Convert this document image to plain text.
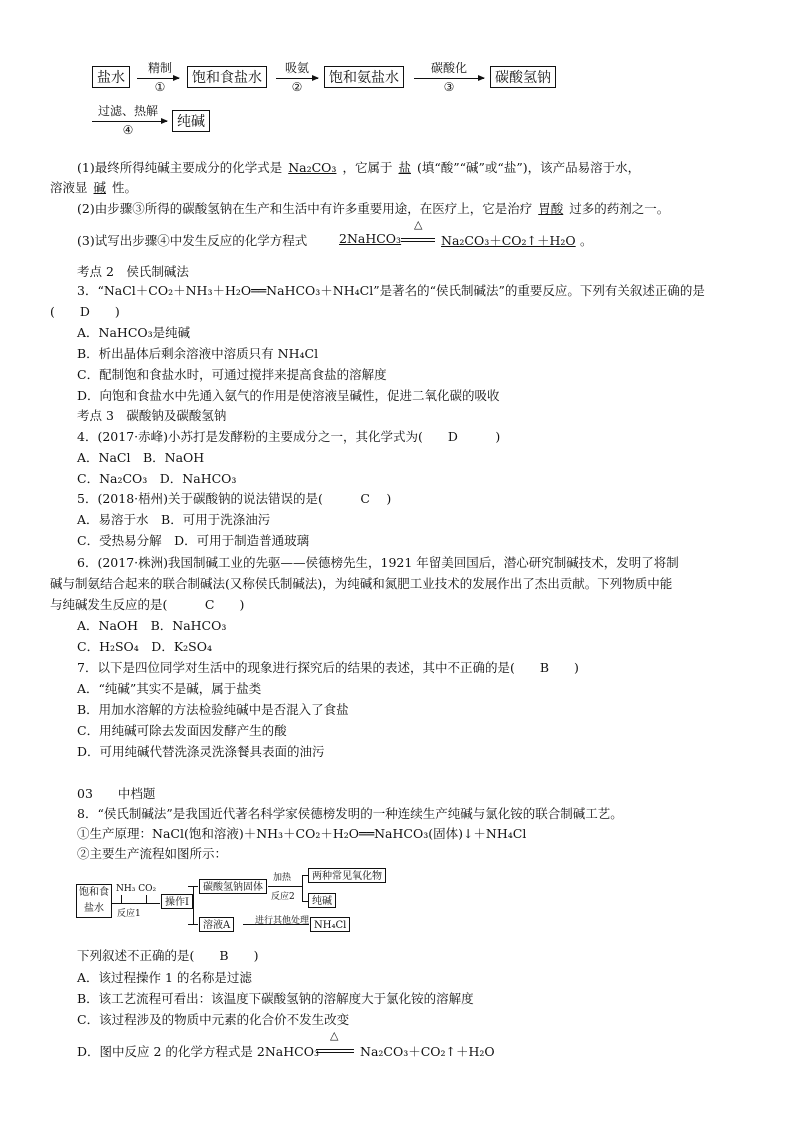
盐水
精制
①
饱和食盐水
吸氨
②
饱和氨盐水
碳酸化
③
碳酸氢钠
过滤、热解
④	纯碱
(1)最终所得纯碱主要成分的化学式是 Na₂CO₃ ，它属于 盐 (填“酸”“碱”或“盐”)，该产品易溶于水，
溶液显 碱 性。
(2)由步骤③所得的碳酸氢钠在生产和生活中有许多重要用途，在医疗上，它是治疗 胃酸 过多的药剂之一。
(3)试写出步骤④中发生反应的化学方程式	2NaHCO₃
△
Na₂CO₃＋CO₂↑＋H₂O 。
考点 2　侯氏制碱法
3．“NaCl＋CO₂＋NH₃＋H₂O══NaHCO₃＋NH₄Cl”是著名的“侯氏制碱法”的重要反应。下列有关叙述正确的是
(　　D　　)
A．NaHCO₃是纯碱
B．析出晶体后剩余溶液中溶质只有 NH₄Cl
C．配制饱和食盐水时，可通过搅拌来提高食盐的溶解度
D．向饱和食盐水中先通入氨气的作用是使溶液呈碱性，促进二氧化碳的吸收
考点 3　碳酸钠及碳酸氢钠
4．(2017·赤峰)小苏打是发酵粉的主要成分之一，其化学式为(　　D　　　)
A．NaCl　B．NaOH
C．Na₂CO₃　D．NaHCO₃
5．(2018·梧州)关于碳酸钠的说法错误的是(　　　C　 )
A．易溶于水　B．可用于洗涤油污
C．受热易分解　D．可用于制造普通玻璃
6．(2017·株洲)我国制碱工业的先驱——侯德榜先生，1921 年留美回国后，潜心研究制碱技术，发明了将制
碱与制氨结合起来的联合制碱法(又称侯氏制碱法)，为纯碱和氮肥工业技术的发展作出了杰出贡献。下列物质中能
与纯碱发生反应的是(　　　C　　)
A．NaOH　B．NaHCO₃
C．H₂SO₄　D．K₂SO₄
7．以下是四位同学对生活中的现象进行探究后的结果的表述，其中不正确的是(　　B　　)
A．“纯碱”其实不是碱，属于盐类
B．用加水溶解的方法检验纯碱中是否混入了食盐
C．用纯碱可除去发面因发酵产生的酸
D．可用纯碱代替洗涤灵洗涤餐具表面的油污
03　　中档题
8．“侯氏制碱法”是我国近代著名科学家侯德榜发明的一种连续生产纯碱与氯化铵的联合制碱工艺。
①生产原理：NaCl(饱和溶液)＋NH₃＋CO₂＋H₂O══NaHCO₃(固体)↓＋NH₄Cl
②主要生产流程如图所示：
饱和食盐水
NH₃ CO₂
反应1
操作I
碳酸氢钠固体
加热
反应2
两种常见氧化物
纯碱
溶液A	进行其他处理 NH₄Cl
下列叙述不正确的是(　　B　　)
A．该过程操作 1 的名称是过滤
B．该工艺流程可看出：该温度下碳酸氢钠的溶解度大于氯化铵的溶解度
C．该过程涉及的物质中元素的化合价不发生改变
D．图中反应 2 的化学方程式是 2NaHCO₃
△
Na₂CO₃＋CO₂↑＋H₂O
